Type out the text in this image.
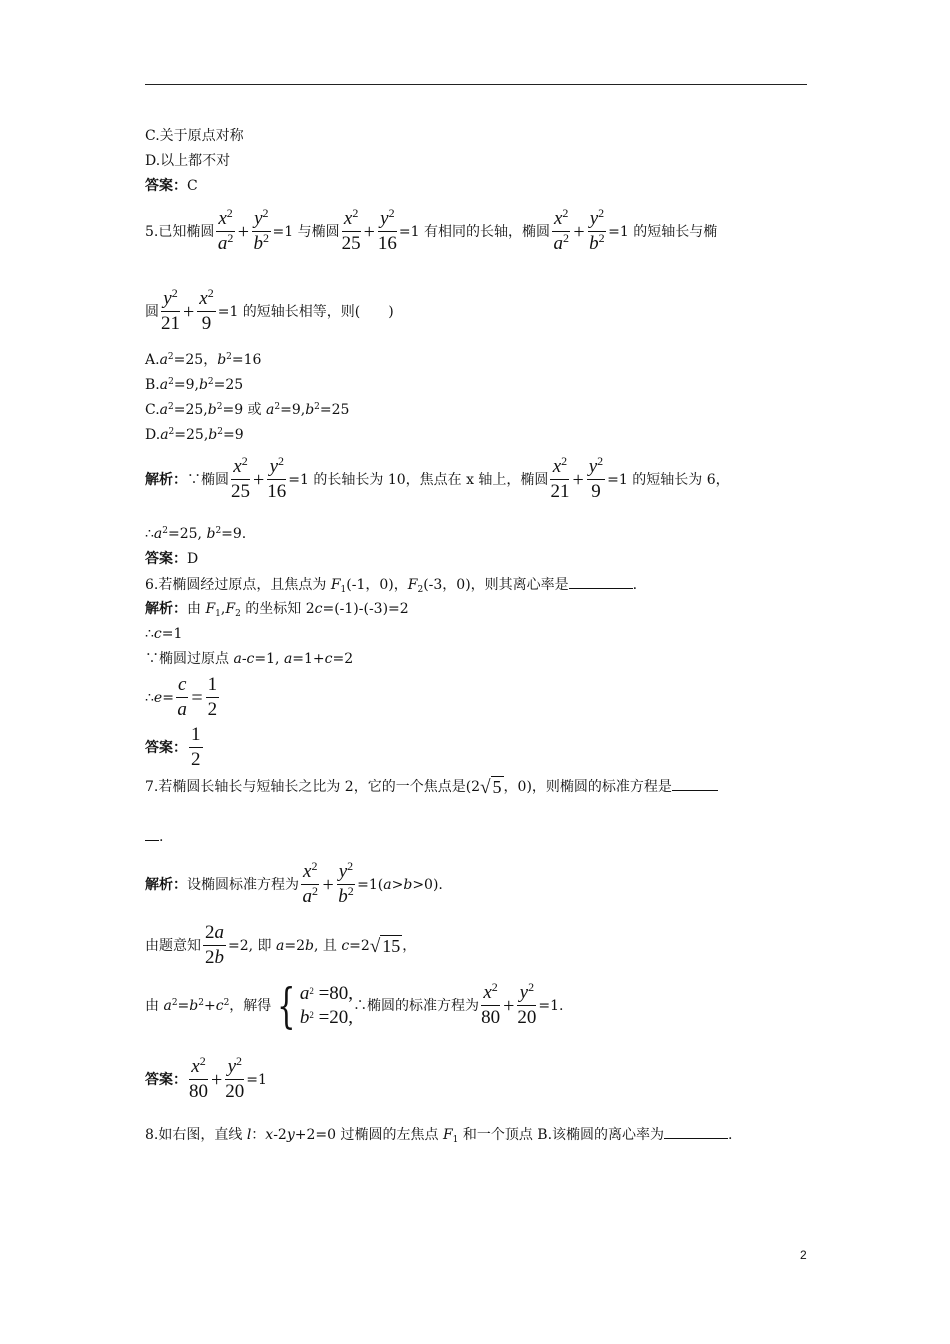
C.关于原点对称
D.以上都不对
答案：C
5.已知椭圆 $\frac{x^2}{a^2} + \frac{y^2}{b^2} =1$ 与椭圆 $\frac{x^2}{25} + \frac{y^2}{16} =1$ 有相同的长轴，椭圆 $\frac{x^2}{a^2} + \frac{y^2}{b^2} =1$ 的短轴长与椭
圆 $\frac{y^2}{21} + \frac{x^2}{9} =1$ 的短轴长相等，则(　　)
$A.a^2=25$，$b^2=16$
$B.a^2=9,b^2=25$
$C.a^2=25,b^2=9$ 或 $a^2=9,b^2=25$
$D.a^2=25,b^2=9$
解析：∵椭圆 $\frac{x^2}{25} + \frac{y^2}{16} =1$ 的长轴长为 10，焦点在 x 轴上，椭圆 $\frac{x^2}{21} + \frac{y^2}{9} =1$ 的短轴长为 6，
$\therefore a^2=25$, $b^2=9$.
答案：D
6.若椭圆经过原点，且焦点为 $F_1(-1$，0)，$F_2(-3$，0)，则其离心率是	.
解析：由 $F_1,F_2$ 的坐标知 2c=(-1)-(-3)=2
∴c=1
∵椭圆过原点 a-c=1, a=1+c=2
∴e= $\frac{c}{a} = \frac{1}{2}$
答案： $\frac{1}{2}$
7.若椭圆长轴长与短轴长之比为 2，它的一个焦点是(2√ 5 ，0)，则椭圆的标准方程是
.
解析：设椭圆标准方程为 $\frac{x^2}{a^2} + \frac{y^2}{b^2} =1(a>b>0)$.
由题意知 $\frac{2a}{2b} =2$, 即 a=2b, 且 c=2√ 15 ，
由 $a^2=b^2+c^2$，解得 { $a^2 =80$,
$b^2 =20$,
∴椭圆的标准方程为 $\frac{x^2}{80} + \frac{y^2}{20} =1$.
答案： $\frac{x^2}{80} + \frac{y^2}{20} =1$
8.如右图，直线 l：x-2y+2=0 过椭圆的左焦点 $F_1$ 和一个顶点 B.该椭圆的离心率为	.
2
